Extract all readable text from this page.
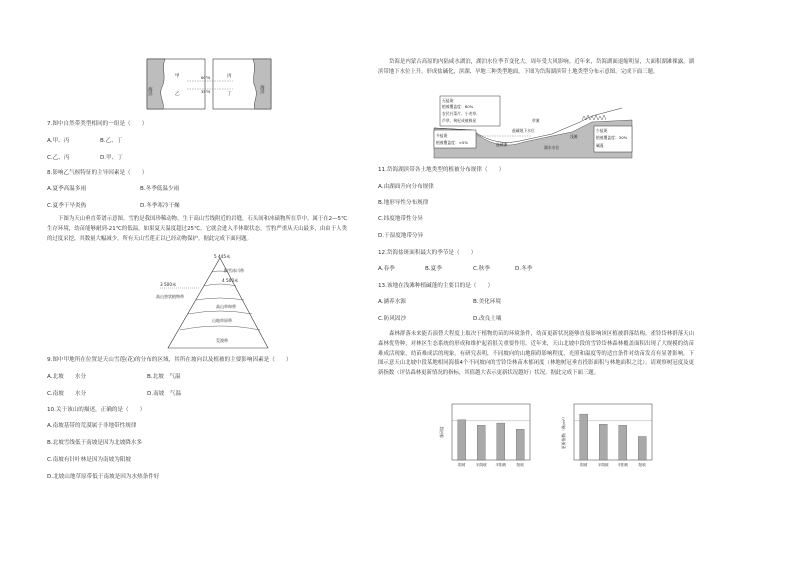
海洋	海洋
甲
乙
丙
丁
60°N
35°N
7.图中自然带类型相同的一组是（　　）
A.甲、丙	B.乙、丁
C.乙、丙	D.甲、丁
8.影响乙气候特征的主导因素是（　　）
A.夏季高温多雨	B.冬季低温少雨
C.夏季干旱炎热	D.冬季寒冷干燥
下图为天山垂直带谱示意图。雪豹是我国珍稀动物，生于高山雪线附近的岩缝，石头间和冰碛物所在草中。属于在2—5℃生存环境，幼苗能够耐到-21℃的低温，如果夏天温度超过25℃，它就会进入半休眠状态。雪豹严重从天山最多，由由于人类的过度采挖，其数量大幅减少，所有天山雪莲正以已经动物保护。据此完成下面问题。
5 445米
4 500米
3 500米
积雪冰川带
高山草甸带
山地草原带
荒漠带
高山垫状植物带
9.图中甲地所在位置是天山雪莲(花)的分布的区域，其所在坡向以及植被的主要影响因素是（　　）
A.北坡　　水分	B.北坡　气温
C.南坡　　水分	D.南坡　气温
10.关于该山的描述，正确的是（　　）
A.南坡基带的荒漠属于非地带性规律
B.北坡雪线低于南坡是因为北坡降水多
C.南坡有针叶林是因为南坡为阳坡
D.北坡山地草原带低于南坡是因为水热条件好
岱海是内蒙古高原的内陆咸水湖泊，湖泊水位季节变化大，周年受大风影响。近年来，岱海湖面退缩明显，大面积湖滩裸露，湖滨带地下水位上升，形成盐碱化，滨湖、旱地三种类型地面。下图为岱海湖滨带土地类型分布示意图。完成下面三题。
无盐斑
植被覆盖度：60%
农民针菜片、小麦草、
芦草、枸杞成被株星
多盐斑
植被覆盖度：<5%
少盐斑
植被覆盖度：30%
碱蓬
草滩
盐碱滩
浅滩
湖水水位
盐碱地下水位
11.岱海湖滨带各土地类型的植被分布规律（　　）
A.由湖面升向分布规律
B.地形导性分布规律
C.纬度地带性分异
D.干湿度地带分异
12.岱海盐斑面积最大的季节是（　　）
A.春季	B.夏季	C.秋季	D.冬季
13.该地在浅滩种植碱蓬的主要目的是（　　）
A.涵养水源	B.美化环境
C.防风固沙	D.改良土壤
森林群落未来能否演替大程度上取决于植物幼苗的环境条件，幼苗更新状况能够直接影响该区植被群落结构。雀铃岱林群落天山森林优势种，对林区生态系统的形成和维护起着很关重要作用。近年来，天山北坡中段的雪铃岱林森林覆盖面积出现了大规模的幼苗难成活现象，幼苗难成活的现象。有研究表明，不同坡向的山地阻碍影响程度，光照和温度等的适宜条件对幼苗发育有显著影响。下图示意天山北坡中段某地相同海拔4个不同坡向的雪铃岱林苗木郁闭度（林地树冠垂直投影面积与林地面积之比）。请观察树冠度及更新指数（评估森林更新情况的指标，其值越大表示更新状况越好）状况。据此完成下面三题。
阴坡	半阴坡 半阳坡	阳坡
郁闭度
阴坡	半阴坡 半阳坡	阳坡
更新指数/（株/m²）
